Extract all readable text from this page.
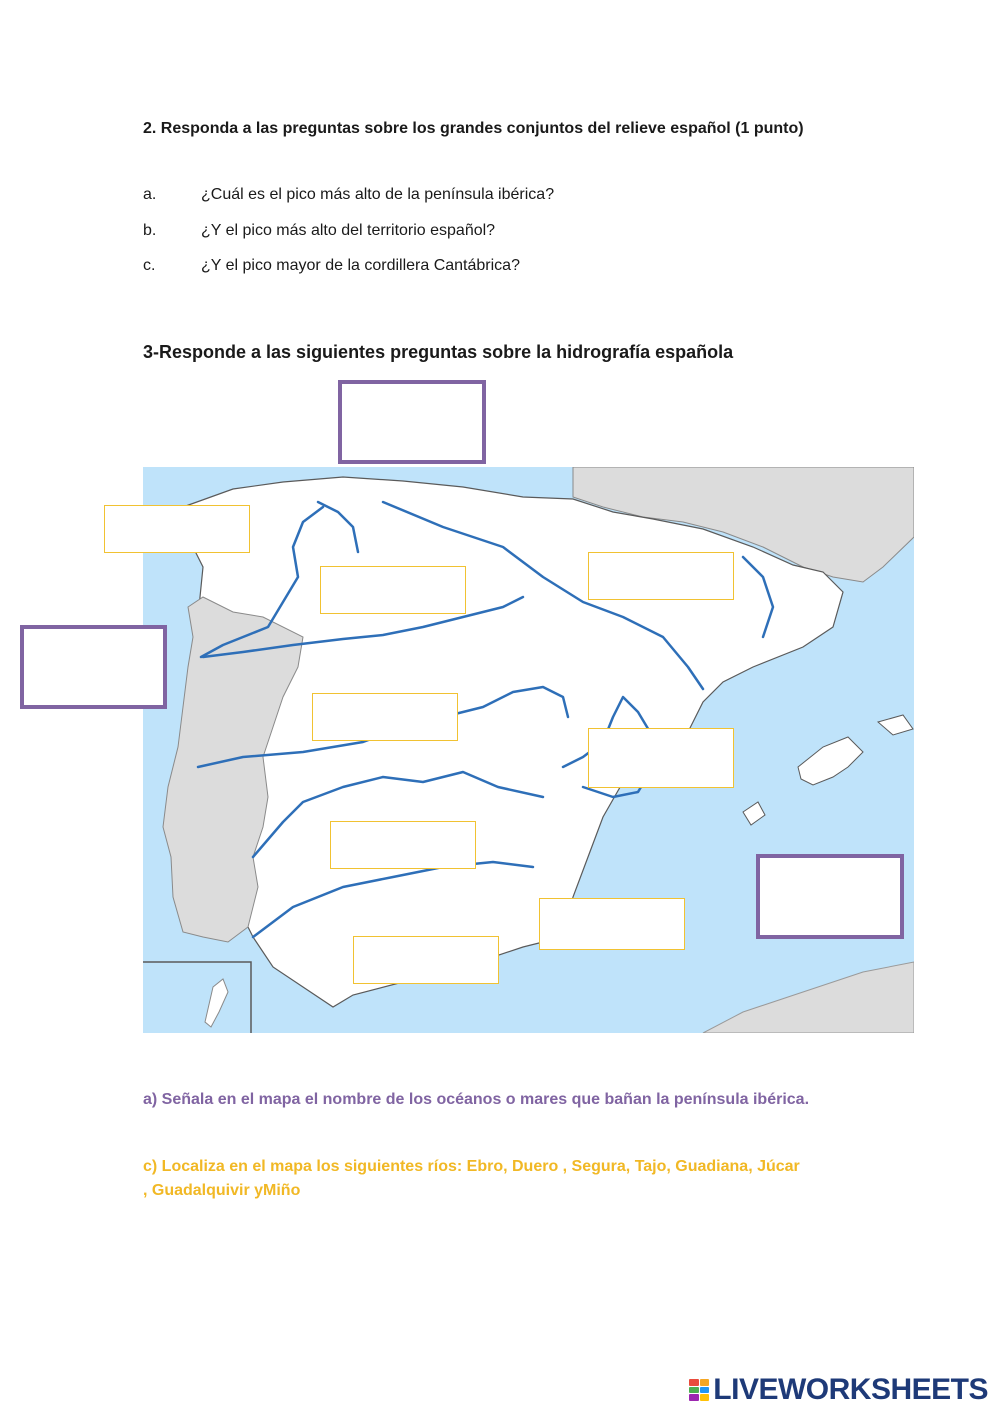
2. Responda a las preguntas sobre los grandes conjuntos del relieve español (1 punto)
a.	¿Cuál es el pico más alto de la península ibérica?
b.	¿Y el pico más alto del territorio español?
c.	¿Y el pico mayor de la cordillera Cantábrica?
3-Responde a las siguientes preguntas sobre la hidrografía española
a) Señala en el mapa el nombre de los océanos o mares que bañan la península ibérica.
c) Localiza en el mapa los siguientes ríos: Ebro, Duero , Segura, Tajo, Guadiana, Júcar
, Guadalquivir yMiño
LIVEWORKSHEETS
